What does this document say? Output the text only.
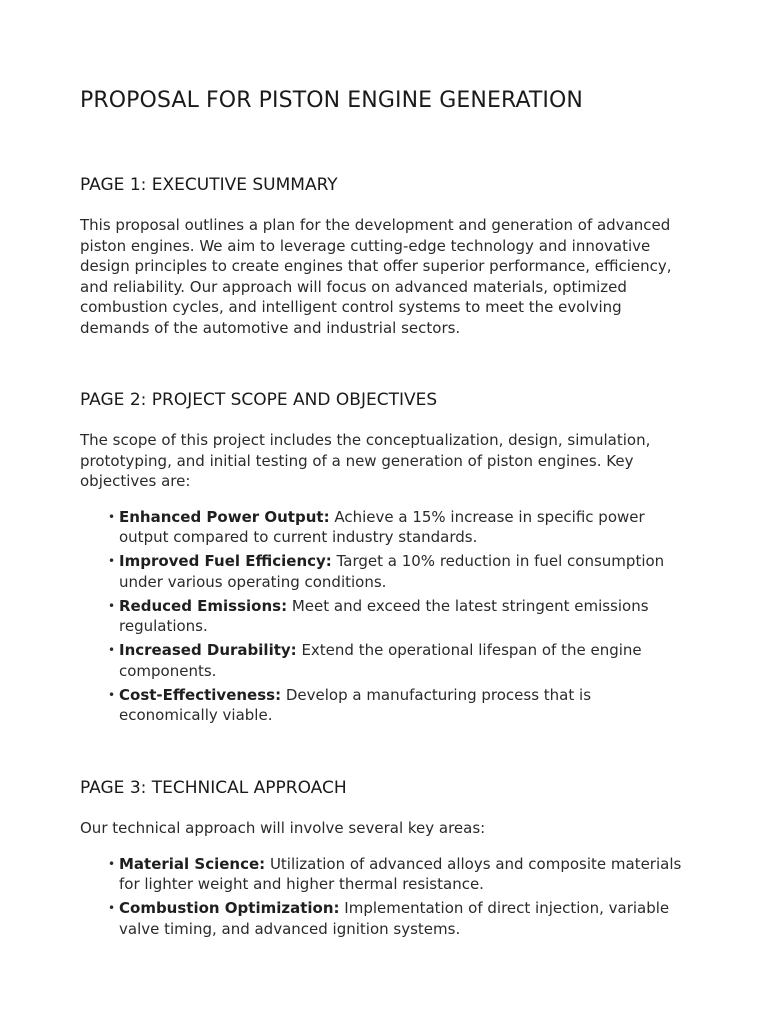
PROPOSAL FOR PISTON ENGINE GENERATION
PAGE 1: EXECUTIVE SUMMARY

This proposal outlines a plan for the development and generation of advanced piston engines. We aim to leverage cutting-edge technology and innovative design principles to create engines that offer superior performance, efficiency, and reliability. Our approach will focus on advanced materials, optimized combustion cycles, and intelligent control systems to meet the evolving demands of the automotive and industrial sectors.

PAGE 2: PROJECT SCOPE AND OBJECTIVES

The scope of this project includes the conceptualization, design, simulation, prototyping, and initial testing of a new generation of piston engines. Key objectives are:

• Enhanced Power Output: Achieve a 15% increase in specific power output compared to current industry standards.
• Improved Fuel Efficiency: Target a 10% reduction in fuel consumption under various operating conditions.
• Reduced Emissions: Meet and exceed the latest stringent emissions regulations.
• Increased Durability: Extend the operational lifespan of the engine components.
• Cost-Effectiveness: Develop a manufacturing process that is economically viable.
PAGE 3: TECHNICAL APPROACH

Our technical approach will involve several key areas:

• Material Science: Utilization of advanced alloys and composite materials for lighter weight and higher thermal resistance.
• Combustion Optimization: Implementation of direct injection, variable valve timing, and advanced ignition systems.
